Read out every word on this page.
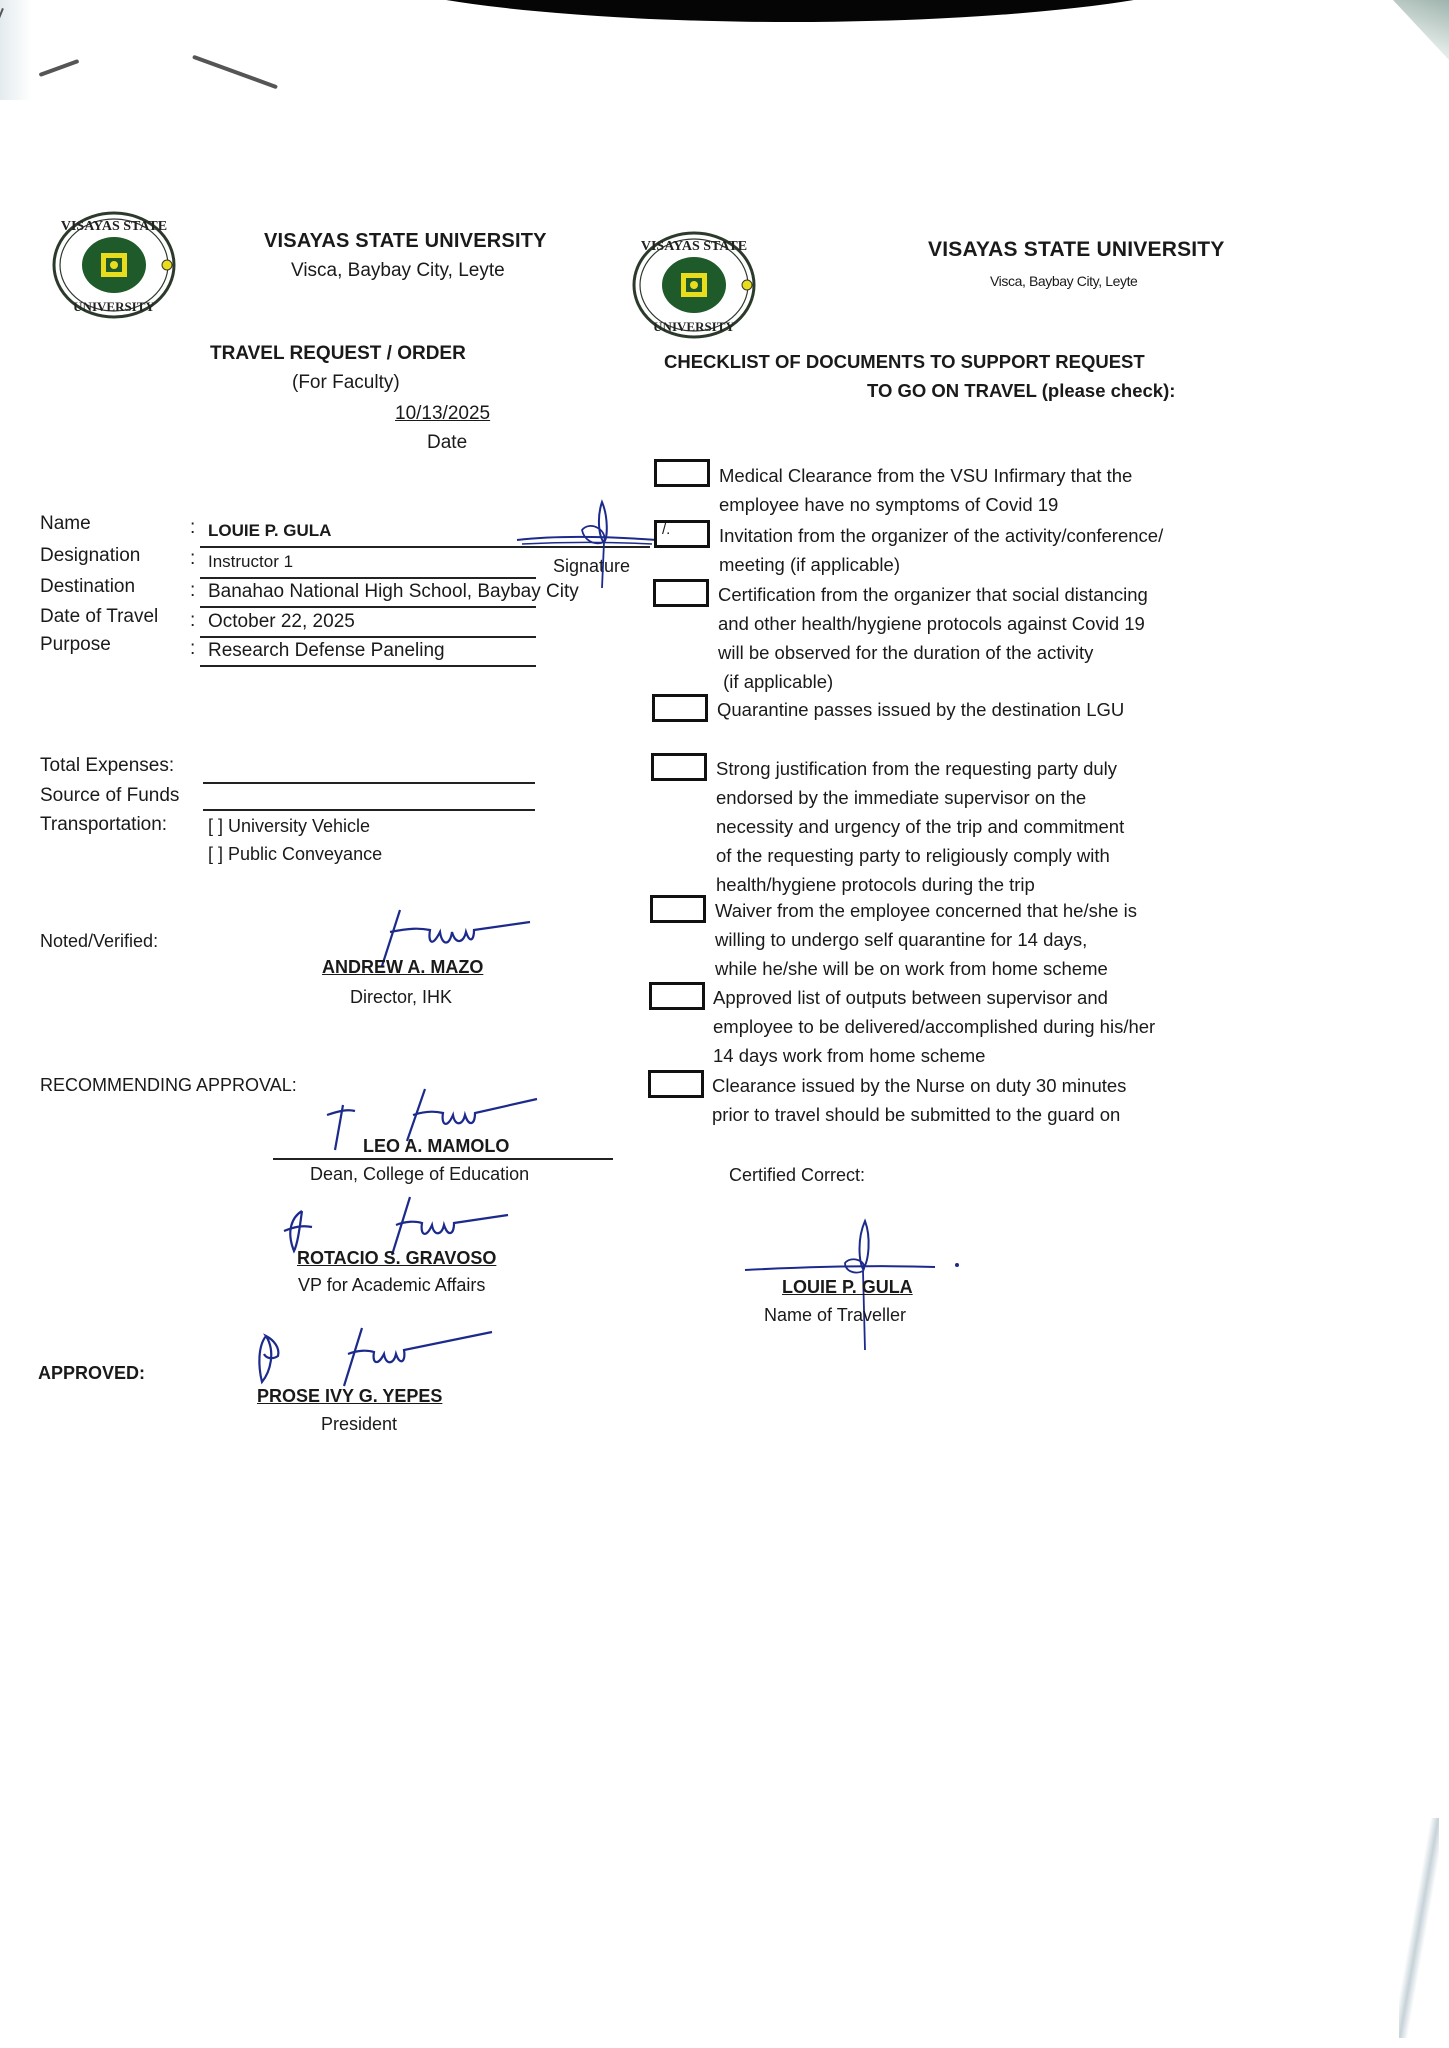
VISAYAS STATE
UNIVERSITY
VISAYAS STATE UNIVERSITY
Visca, Baybay City, Leyte
TRAVEL REQUEST / ORDER
(For Faculty)
10/13/2025
Date
VISAYAS STATE
UNIVERSITY
VISAYAS STATE UNIVERSITY
Visca, Baybay City, Leyte
CHECKLIST OF DOCUMENTS TO SUPPORT REQUEST
TO GO ON TRAVEL (please check):
Name	: LOUIE P. GULA
Designation	: Instructor 1
Destination	: Banahao National High School, Baybay City
Date of Travel : October 22, 2025
Purpose	: Research Defense Paneling
Signature
Total Expenses:
Source of Funds
Transportation: [ ] University Vehicle
[ ] Public Conveyance
Noted/Verified:
ANDREW A. MAZO
Director, IHK
RECOMMENDING APPROVAL:
LEO A. MAMOLO
Dean, College of Education
ROTACIO S. GRAVOSO
VP for Academic Affairs
APPROVED:
PROSE IVY G. YEPES
President
Medical Clearance from the VSU Infirmary that the
employee have no symptoms of Covid 19
/.	Invitation from the organizer of the activity/conference/
meeting (if applicable)
Certification from the organizer that social distancing
and other health/hygiene protocols against Covid 19
will be observed for the duration of the activity
(if applicable)
Quarantine passes issued by the destination LGU
Strong justification from the requesting party duly
endorsed by the immediate supervisor on the
necessity and urgency of the trip and commitment
of the requesting party to religiously comply with
health/hygiene protocols during the trip
Waiver from the employee concerned that he/she is
willing to undergo self quarantine for 14 days,
while he/she will be on work from home scheme
Approved list of outputs between supervisor and
employee to be delivered/accomplished during his/her
14 days work from home scheme
Clearance issued by the Nurse on duty 30 minutes
prior to travel should be submitted to the guard on
Certified Correct:
LOUIE P. GULA
Name of Traveller
